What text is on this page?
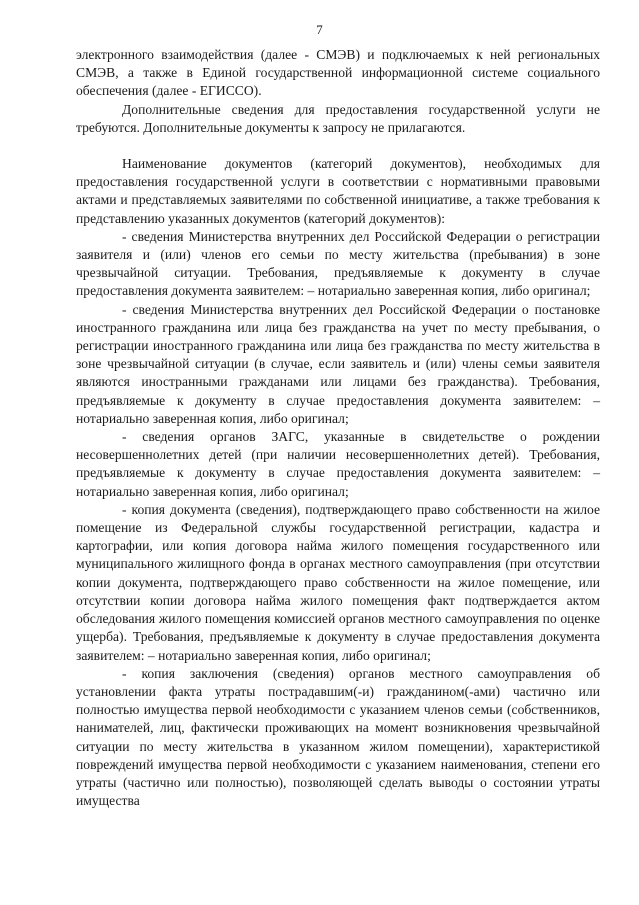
7

электронного взаимодействия (далее - СМЭВ) и подключаемых к ней региональных СМЭВ, а также в Единой государственной информационной системе социального обеспечения (далее - ЕГИССО).

Дополнительные сведения для предоставления государственной услуги не требуются. Дополнительные документы к запросу не прилагаются.

Наименование документов (категорий документов), необходимых для предоставления государственной услуги в соответствии с нормативными правовыми актами и представляемых заявителями по собственной инициативе, а также требования к представлению указанных документов (категорий документов):

- сведения Министерства внутренних дел Российской Федерации о регистрации заявителя и (или) членов его семьи по месту жительства (пребывания) в зоне чрезвычайной ситуации. Требования, предъявляемые к документу в случае предоставления документа заявителем: – нотариально заверенная копия, либо оригинал;

- сведения Министерства внутренних дел Российской Федерации о постановке иностранного гражданина или лица без гражданства на учет по месту пребывания, о регистрации иностранного гражданина или лица без гражданства по месту жительства в зоне чрезвычайной ситуации (в случае, если заявитель и (или) члены семьи заявителя являются иностранными гражданами или лицами без гражданства). Требования, предъявляемые к документу в случае предоставления документа заявителем: – нотариально заверенная копия, либо оригинал;

- сведения органов ЗАГС, указанные в свидетельстве о рождении несовершеннолетних детей (при наличии несовершеннолетних детей). Требования, предъявляемые к документу в случае предоставления документа заявителем: – нотариально заверенная копия, либо оригинал;

- копия документа (сведения), подтверждающего право собственности на жилое помещение из Федеральной службы государственной регистрации, кадастра и картографии, или копия договора найма жилого помещения государственного или муниципального жилищного фонда в органах местного самоуправления (при отсутствии копии документа, подтверждающего право собственности на жилое помещение, или отсутствии копии договора найма жилого помещения факт подтверждается актом обследования жилого помещения комиссией органов местного самоуправления по оценке ущерба). Требования, предъявляемые к документу в случае предоставления документа заявителем: – нотариально заверенная копия, либо оригинал;

- копия заключения (сведения) органов местного самоуправления об установлении факта утраты пострадавшим(-и) гражданином(-ами) частично или полностью имущества первой необходимости с указанием членов семьи (собственников, нанимателей, лиц, фактически проживающих на момент возникновения чрезвычайной ситуации по месту жительства в указанном жилом помещении), характеристикой повреждений имущества первой необходимости с указанием наименования, степени его утраты (частично или полностью), позволяющей сделать выводы о состоянии утраты имущества
